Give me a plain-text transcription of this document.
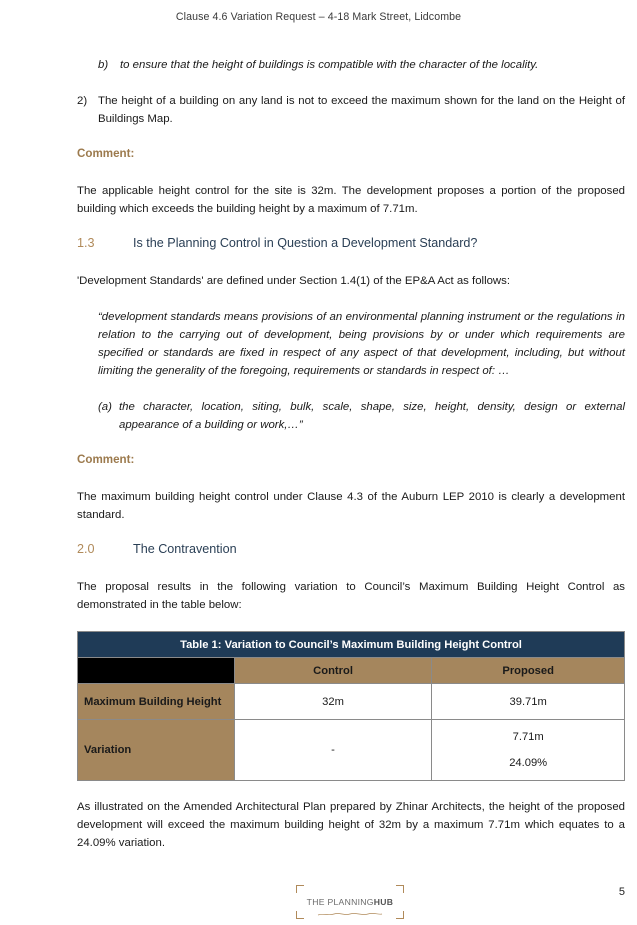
Clause 4.6 Variation Request – 4-18 Mark Street, Lidcombe
b) to ensure that the height of buildings is compatible with the character of the locality.
2) The height of a building on any land is not to exceed the maximum shown for the land on the Height of Buildings Map.
Comment:
The applicable height control for the site is 32m. The development proposes a portion of the proposed building which exceeds the building height by a maximum of 7.71m.
1.3	Is the Planning Control in Question a Development Standard?
'Development Standards' are defined under Section 1.4(1) of the EP&A Act as follows:
“development standards means provisions of an environmental planning instrument or the regulations in relation to the carrying out of development, being provisions by or under which requirements are specified or standards are fixed in respect of any aspect of that development, including, but without limiting the generality of the foregoing, requirements or standards in respect of: …
(a) the character, location, siting, bulk, scale, shape, size, height, density, design or external appearance of a building or work,…”
Comment:
The maximum building height control under Clause 4.3 of the Auburn LEP 2010 is clearly a development standard.
2.0	The Contravention
The proposal results in the following variation to Council’s Maximum Building Height Control as demonstrated in the table below:
Table 1: Variation to Council’s Maximum Building Height Control		
	Control	Proposed
Maximum Building Height	32m	39.71m
Variation	-	7.71m
24.09%
As illustrated on the Amended Architectural Plan prepared by Zhinar Architects, the height of the proposed development will exceed the maximum building height of 32m by a maximum 7.71m which equates to a 24.09% variation.
THE PLANNINGHUB
5
